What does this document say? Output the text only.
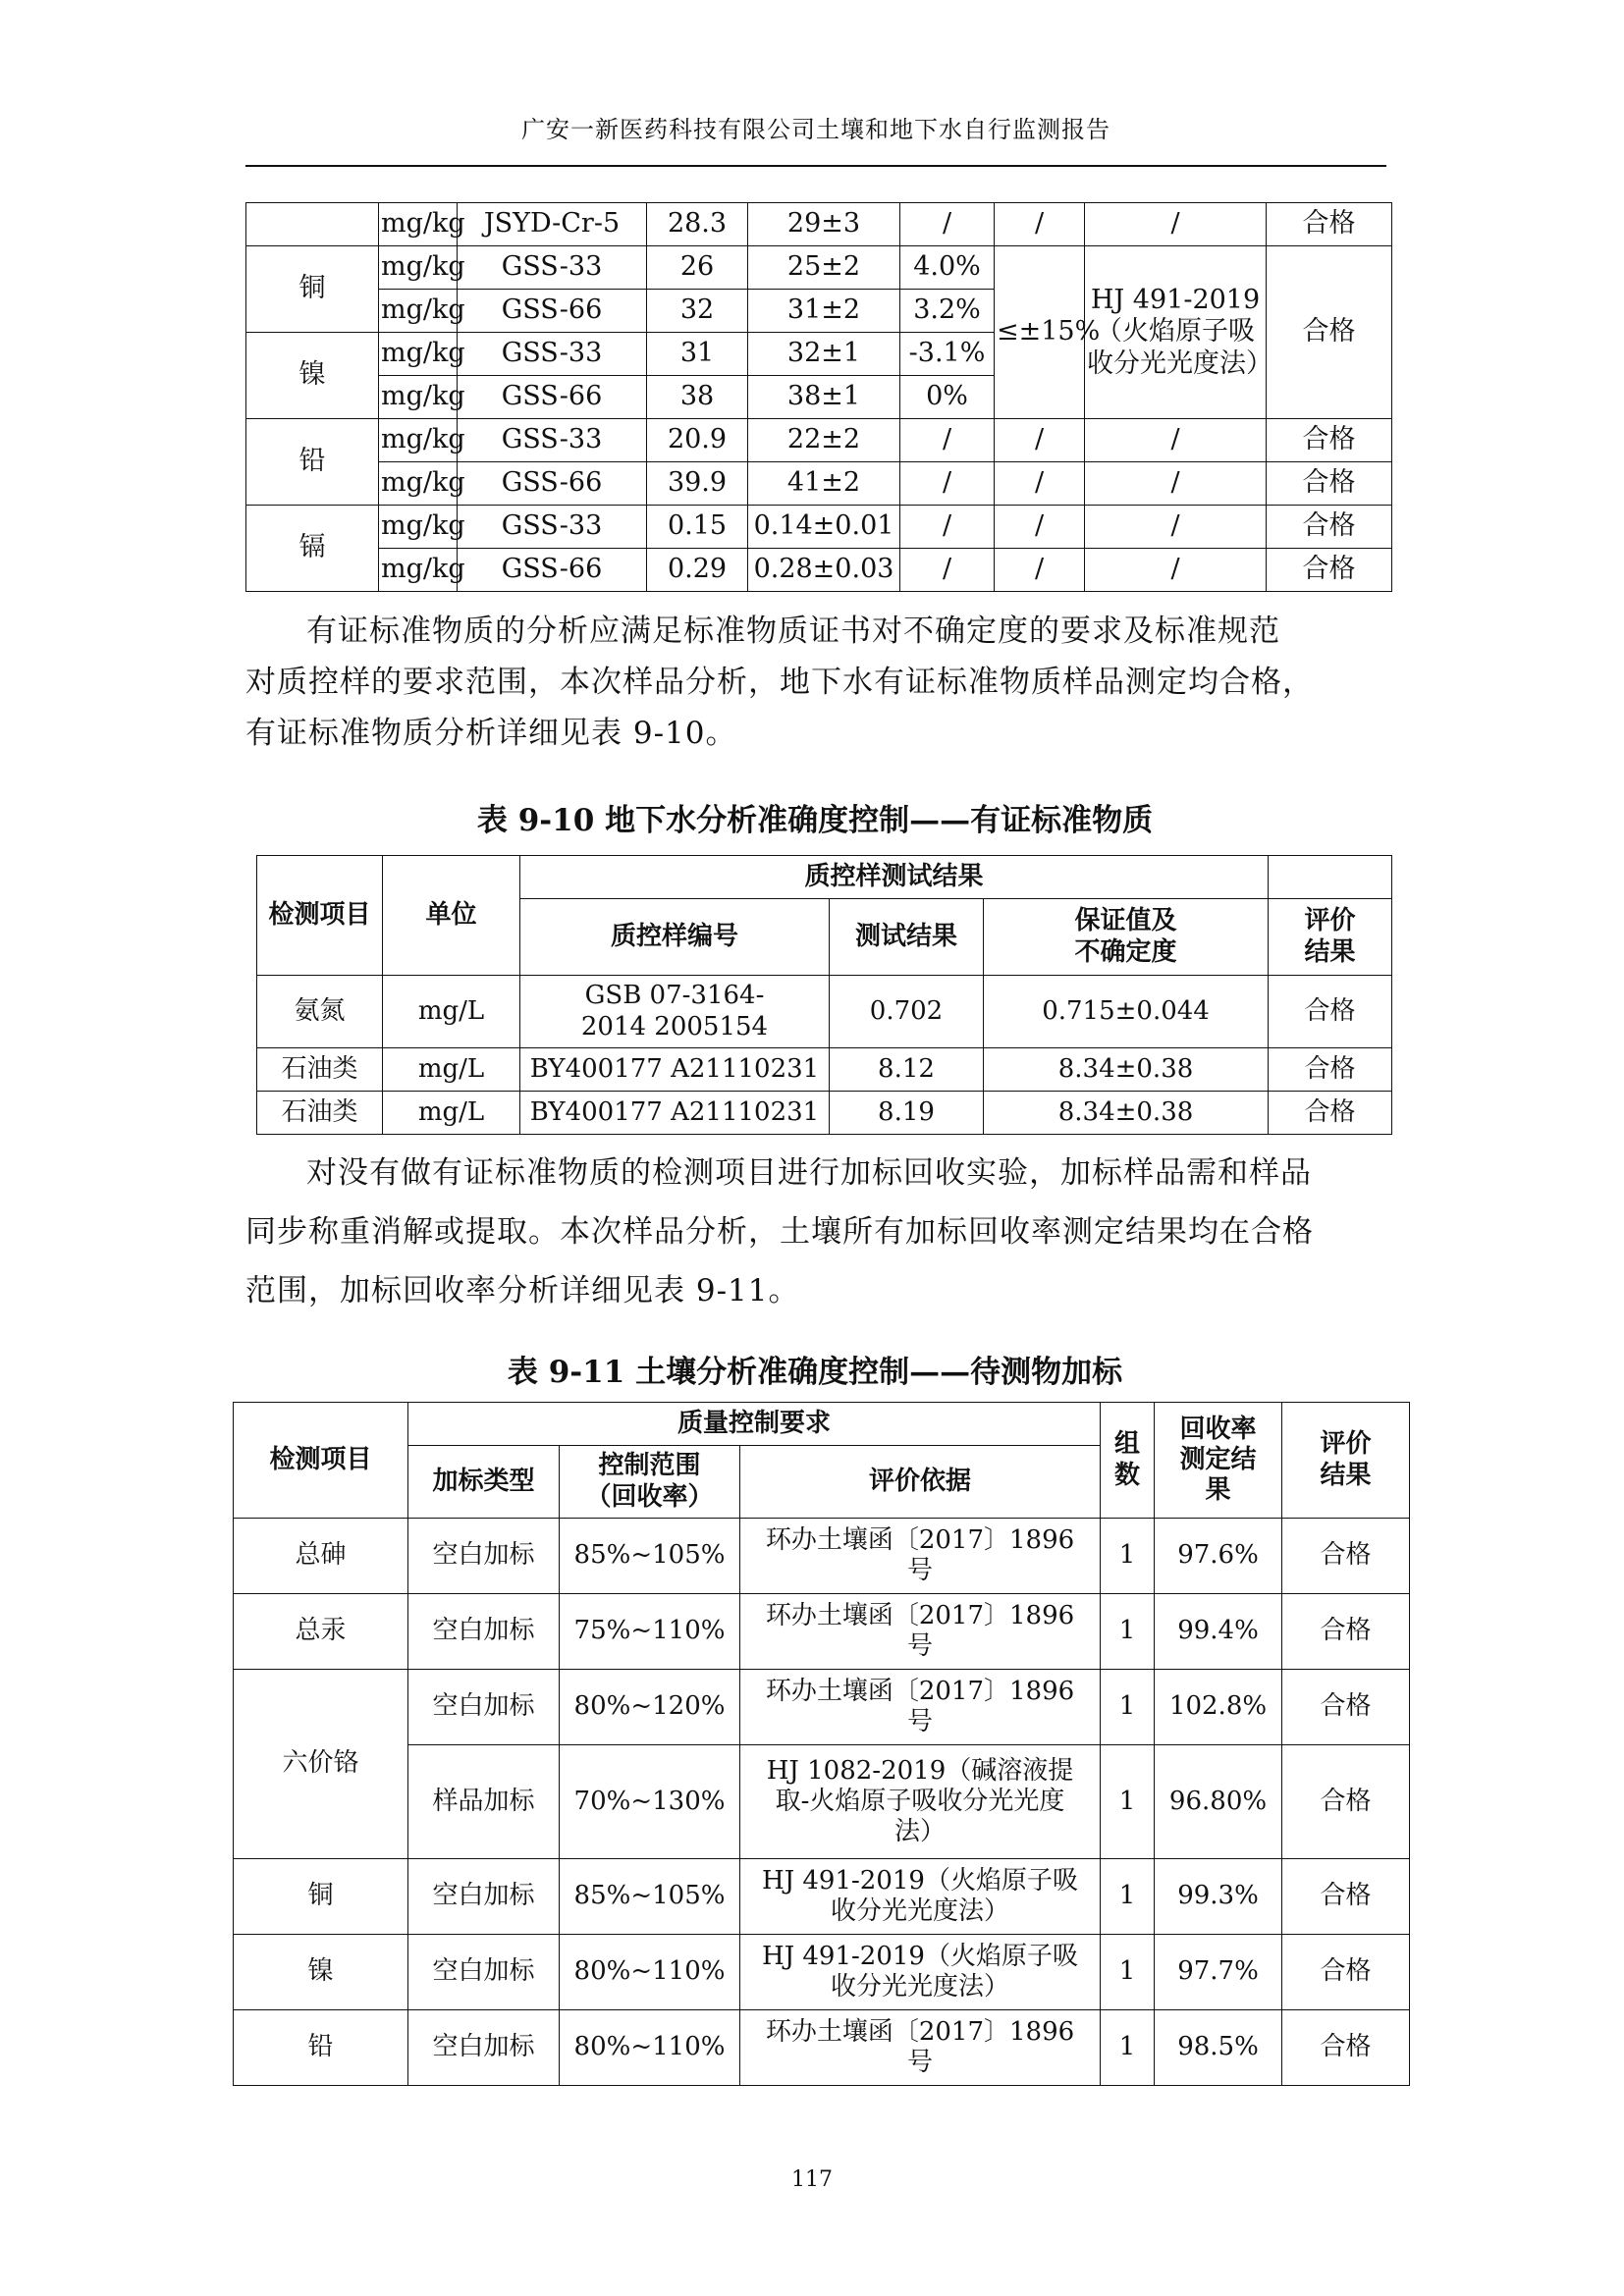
广安一新医药科技有限公司土壤和地下水自行监测报告
	mg/kg	JSYD-Cr-5	28.3	29±3	/	/	/	合格
铜	mg/kg	GSS-33	26	25±2	4.0%	≤±15%	HJ 491-2019（火焰原子吸收分光光度法）	合格
	mg/kg	GSS-66	32	31±2	3.2%			
镍	mg/kg	GSS-33	31	32±1	-3.1%			
	mg/kg	GSS-66	38	38±1	0%			
铅	mg/kg	GSS-33	20.9	22±2	/	/	/	合格
	mg/kg	GSS-66	39.9	41±2	/	/	/	合格
镉	mg/kg	GSS-33	0.15	0.14±0.01	/	/	/	合格
	mg/kg	GSS-66	0.29	0.28±0.03	/	/	/	合格

有证标准物质的分析应满足标准物质证书对不确定度的要求及标准规范

对质控样的要求范围，本次样品分析，地下水有证标准物质样品测定均合格，

有证标准物质分析详细见表 9-10。

表 9-10 地下水分析准确度控制——有证标准物质
检测项目	单位	质控样测试结果			
		质控样编号	测试结果	保证值及不确定度	评价结果
氨氮	mg/L	GSB 07-3164-2014 2005154	0.702	0.715±0.044	合格
石油类	mg/L	BY400177 A21110231	8.12	8.34±0.38	合格
石油类	mg/L	BY400177 A21110231	8.19	8.34±0.38	合格

对没有做有证标准物质的检测项目进行加标回收实验，加标样品需和样品

同步称重消解或提取。本次样品分析，土壤所有加标回收率测定结果均在合格

范围，加标回收率分析详细见表 9-11。

表 9-11 土壤分析准确度控制——待测物加标
检测项目	质量控制要求			组数	回收率测定结果	评价结果
	加标类型	控制范围（回收率）	评价依据			
总砷	空白加标	85%~105%	环办土壤函〔2017〕1896号	1	97.6%	合格
总汞	空白加标	75%~110%	环办土壤函〔2017〕1896号	1	99.4%	合格
六价铬	空白加标	80%~120%	环办土壤函〔2017〕1896号	1	102.8%	合格
	样品加标	70%~130%	HJ 1082-2019（碱溶液提取-火焰原子吸收分光光度法）	1	96.80%	合格
铜	空白加标	85%~105%	HJ 491-2019（火焰原子吸收分光光度法）	1	99.3%	合格
镍	空白加标	80%~110%	HJ 491-2019（火焰原子吸收分光光度法）	1	97.7%	合格
铅	空白加标	80%~110%	环办土壤函〔2017〕1896号	1	98.5%	合格
117
